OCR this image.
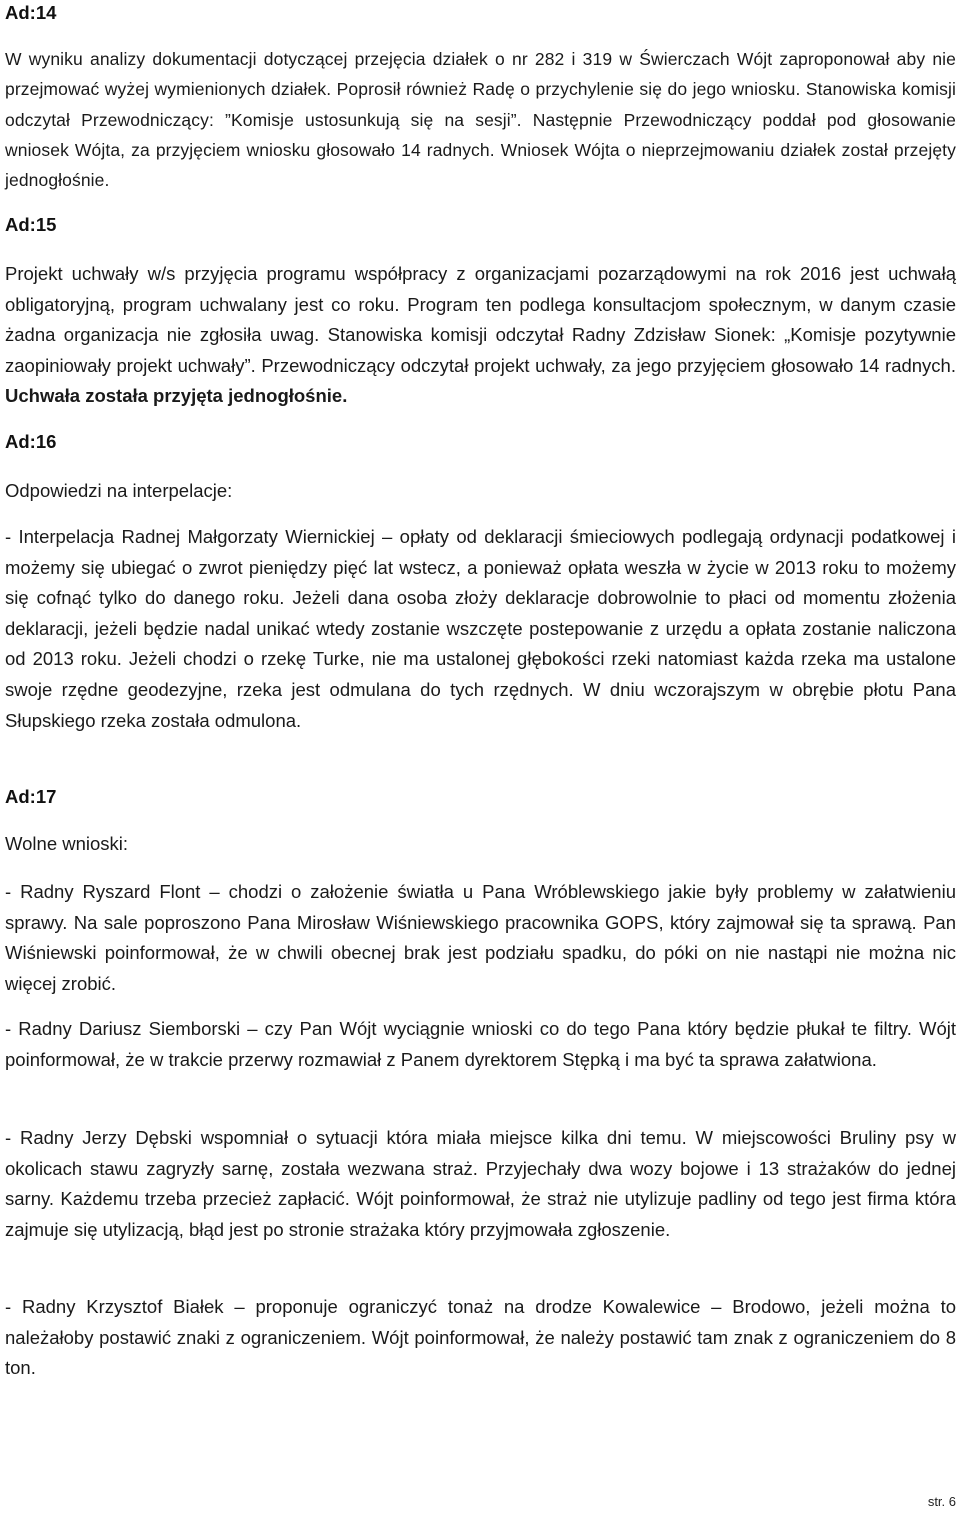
Ad:14

W wyniku analizy dokumentacji dotyczącej przejęcia działek o nr 282 i 319 w Świerczach Wójt zaproponował aby nie przejmować wyżej wymienionych działek. Poprosił również Radę o przychylenie się do jego wniosku. Stanowiska komisji odczytał Przewodniczący: ”Komisje ustosunkują się na sesji”. Następnie Przewodniczący poddał pod głosowanie wniosek Wójta, za przyjęciem wniosku głosowało 14 radnych. Wniosek Wójta o nieprzejmowaniu działek został przejęty jednogłośnie.

Ad:15

Projekt uchwały w/s przyjęcia programu współpracy z organizacjami pozarządowymi na rok 2016 jest uchwałą obligatoryjną, program uchwalany jest co roku. Program ten podlega konsultacjom społecznym, w danym czasie żadna organizacja nie zgłosiła uwag. Stanowiska komisji odczytał Radny Zdzisław Sionek: „Komisje pozytywnie zaopiniowały projekt uchwały”. Przewodniczący odczytał projekt uchwały, za jego przyjęciem głosowało 14 radnych. Uchwała została przyjęta jednogłośnie.

Ad:16

Odpowiedzi na interpelacje:

- Interpelacja Radnej Małgorzaty Wiernickiej – opłaty od deklaracji śmieciowych podlegają ordynacji podatkowej i możemy się ubiegać o zwrot pieniędzy pięć lat wstecz, a ponieważ opłata weszła w życie w 2013 roku to możemy się cofnąć tylko do danego roku. Jeżeli dana osoba złoży deklaracje dobrowolnie to płaci od momentu złożenia deklaracji, jeżeli będzie nadal unikać wtedy zostanie wszczęte postepowanie z urzędu a opłata zostanie naliczona od 2013 roku. Jeżeli chodzi o rzekę Turke, nie ma ustalonej głębokości rzeki natomiast każda rzeka ma ustalone swoje rzędne geodezyjne, rzeka jest odmulana do tych rzędnych. W dniu wczorajszym w obrębie płotu Pana Słupskiego rzeka została odmulona.

Ad:17

Wolne wnioski:

- Radny Ryszard Flont – chodzi o założenie światła u Pana Wróblewskiego jakie były problemy w załatwieniu sprawy. Na sale poproszono Pana Mirosław Wiśniewskiego pracownika GOPS, który zajmował się ta sprawą. Pan Wiśniewski poinformował, że w chwili obecnej brak jest podziału spadku, do póki on nie nastąpi nie można nic więcej zrobić.

- Radny Dariusz Siemborski – czy Pan Wójt wyciągnie wnioski co do tego Pana który będzie płukał te filtry. Wójt poinformował, że w trakcie przerwy rozmawiał z Panem dyrektorem Stępką i ma być ta sprawa załatwiona.

- Radny Jerzy Dębski wspomniał o sytuacji która miała miejsce kilka dni temu. W miejscowości Bruliny psy w okolicach stawu zagryzły sarnę, została wezwana straż. Przyjechały dwa wozy bojowe i 13 strażaków do jednej sarny. Każdemu trzeba przecież zapłacić. Wójt poinformował, że straż nie utylizuje padliny od tego jest firma która zajmuje się utylizacją, błąd jest po stronie strażaka który przyjmowała zgłoszenie.

- Radny Krzysztof Białek – proponuje ograniczyć tonaż na drodze Kowalewice – Brodowo, jeżeli można to należałoby postawić znaki z ograniczeniem. Wójt poinformował, że należy postawić tam znak z ograniczeniem do 8 ton.

str. 6
